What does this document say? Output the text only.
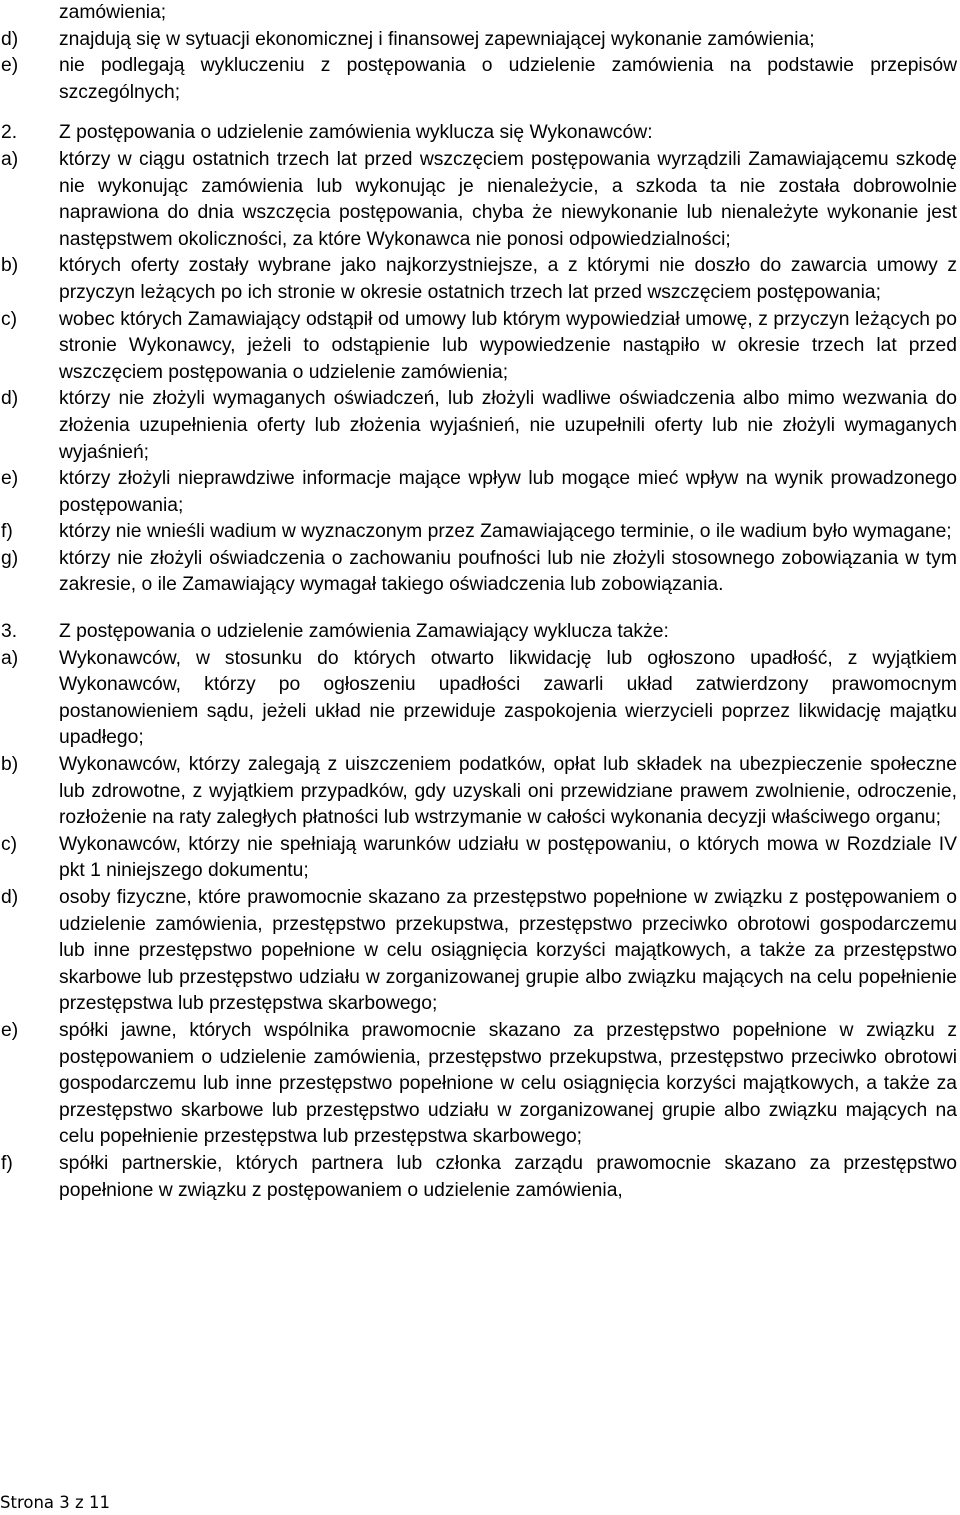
zamówienia;
d)	znajdują się w sytuacji ekonomicznej i finansowej zapewniającej wykonanie zamówienia;
e)	nie podlegają wykluczeniu z postępowania o udzielenie zamówienia na podstawie przepisów szczególnych;
2.	Z postępowania o udzielenie zamówienia wyklucza się Wykonawców:
a)	którzy w ciągu ostatnich trzech lat przed wszczęciem postępowania wyrządzili Zamawiającemu szkodę nie wykonując zamówienia lub wykonując je nienależycie, a szkoda ta nie została dobrowolnie naprawiona do dnia wszczęcia postępowania, chyba że niewykonanie lub nienależyte wykonanie jest następstwem okoliczności, za które Wykonawca nie ponosi odpowiedzialności;
b)	których oferty zostały wybrane jako najkorzystniejsze, a z którymi nie doszło do zawarcia umowy z przyczyn leżących po ich stronie w okresie ostatnich trzech lat przed wszczęciem postępowania;
c)	wobec których Zamawiający odstąpił od umowy lub którym wypowiedział umowę, z przyczyn leżących po stronie Wykonawcy, jeżeli to odstąpienie lub wypowiedzenie nastąpiło w okresie trzech lat przed wszczęciem postępowania o udzielenie zamówienia;
d)	którzy nie złożyli wymaganych oświadczeń, lub złożyli wadliwe oświadczenia albo mimo wezwania do złożenia uzupełnienia oferty lub złożenia wyjaśnień, nie uzupełnili oferty lub nie złożyli wymaganych wyjaśnień;
e)	którzy złożyli nieprawdziwe informacje mające wpływ lub mogące mieć wpływ na wynik prowadzonego postępowania;
f)	którzy nie wnieśli wadium w wyznaczonym przez Zamawiającego terminie, o ile wadium było wymagane;
g)	którzy nie złożyli oświadczenia o zachowaniu poufności lub nie złożyli stosownego zobowiązania w tym zakresie, o ile Zamawiający wymagał takiego oświadczenia lub zobowiązania.
3.	Z postępowania o udzielenie zamówienia Zamawiający wyklucza także:
a)	Wykonawców, w stosunku do których otwarto likwidację lub ogłoszono upadłość, z wyjątkiem Wykonawców, którzy po ogłoszeniu upadłości zawarli układ zatwierdzony prawomocnym postanowieniem sądu, jeżeli układ nie przewiduje zaspokojenia wierzycieli poprzez likwidację majątku upadłego;
b)	Wykonawców, którzy zalegają z uiszczeniem podatków, opłat lub składek na ubezpieczenie społeczne lub zdrowotne, z wyjątkiem przypadków, gdy uzyskali oni przewidziane prawem zwolnienie, odroczenie, rozłożenie na raty zaległych płatności lub wstrzymanie w całości wykonania decyzji właściwego organu;
c)	Wykonawców, którzy nie spełniają warunków udziału w postępowaniu, o których mowa w Rozdziale IV pkt 1 niniejszego dokumentu;
d)	osoby fizyczne, które prawomocnie skazano za przestępstwo popełnione w związku z postępowaniem o udzielenie zamówienia, przestępstwo przekupstwa, przestępstwo przeciwko obrotowi gospodarczemu lub inne przestępstwo popełnione w celu osiągnięcia korzyści majątkowych, a także za przestępstwo skarbowe lub przestępstwo udziału w zorganizowanej grupie albo związku mających na celu popełnienie przestępstwa lub przestępstwa skarbowego;
e)	spółki jawne, których wspólnika prawomocnie skazano za przestępstwo popełnione w związku z postępowaniem o udzielenie zamówienia, przestępstwo przekupstwa, przestępstwo przeciwko obrotowi gospodarczemu lub inne przestępstwo popełnione w celu osiągnięcia korzyści majątkowych, a także za przestępstwo skarbowe lub przestępstwo udziału w zorganizowanej grupie albo związku mających na celu popełnienie przestępstwa lub przestępstwa skarbowego;
f)	spółki partnerskie, których partnera lub członka zarządu prawomocnie skazano za przestępstwo popełnione w związku z postępowaniem o udzielenie zamówienia,
Strona 3 z 11
